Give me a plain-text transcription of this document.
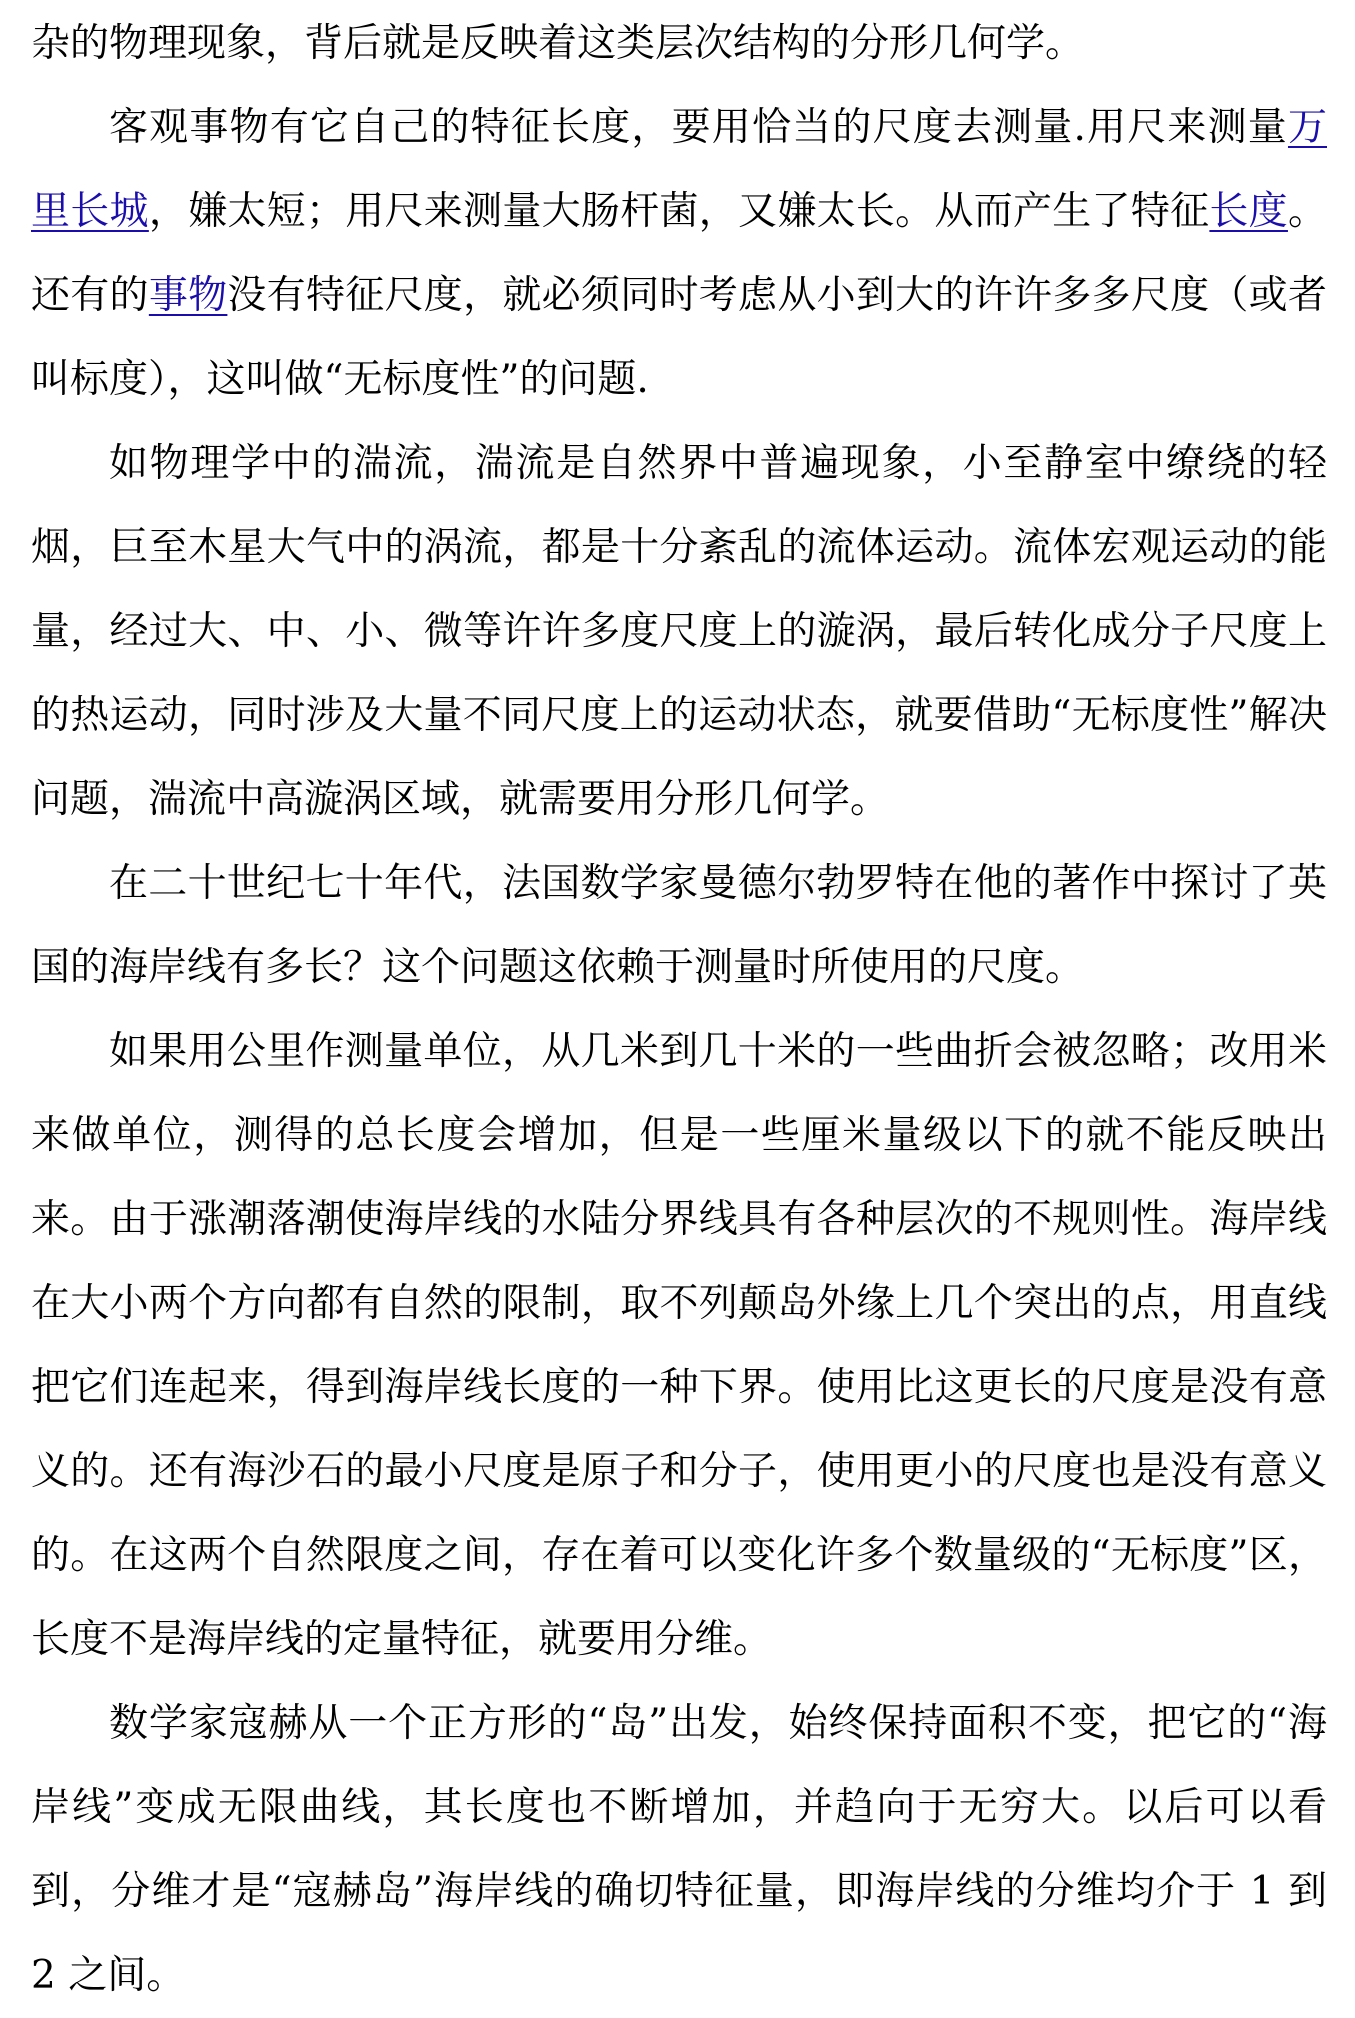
杂的物理现象，背后就是反映着这类层次结构的分形几何学。

客观事物有它自己的特征长度，要用恰当的尺度去测量.用尺来测量万里长城，嫌太短；用尺来测量大肠杆菌，又嫌太长。从而产生了特征长度。还有的事物没有特征尺度，就必须同时考虑从小到大的许许多多尺度（或者叫标度），这叫做“无标度性”的问题.

如物理学中的湍流，湍流是自然界中普遍现象，小至静室中缭绕的轻烟，巨至木星大气中的涡流，都是十分紊乱的流体运动。流体宏观运动的能量，经过大、中、小、微等许许多度尺度上的漩涡，最后转化成分子尺度上的热运动，同时涉及大量不同尺度上的运动状态，就要借助“无标度性”解决问题，湍流中高漩涡区域，就需要用分形几何学。

在二十世纪七十年代，法国数学家曼德尔勃罗特在他的著作中探讨了英国的海岸线有多长？这个问题这依赖于测量时所使用的尺度。

如果用公里作测量单位，从几米到几十米的一些曲折会被忽略；改用米来做单位，测得的总长度会增加，但是一些厘米量级以下的就不能反映出来。由于涨潮落潮使海岸线的水陆分界线具有各种层次的不规则性。海岸线在大小两个方向都有自然的限制，取不列颠岛外缘上几个突出的点，用直线把它们连起来，得到海岸线长度的一种下界。使用比这更长的尺度是没有意义的。还有海沙石的最小尺度是原子和分子，使用更小的尺度也是没有意义的。在这两个自然限度之间，存在着可以变化许多个数量级的“无标度”区，长度不是海岸线的定量特征，就要用分维。

数学家寇赫从一个正方形的“岛”出发，始终保持面积不变，把它的“海岸线”变成无限曲线，其长度也不断增加，并趋向于无穷大。以后可以看到，分维才是“寇赫岛”海岸线的确切特征量，即海岸线的分维均介于 1 到 2 之间。
